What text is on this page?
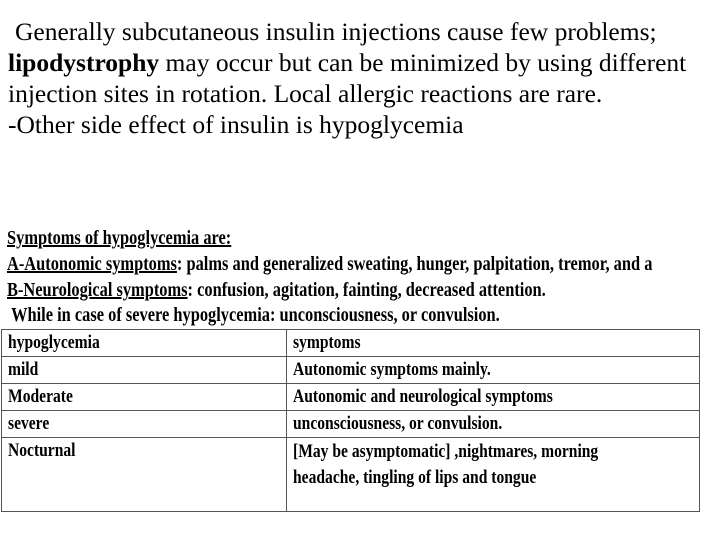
Generally subcutaneous insulin injections cause few problems;

lipodystrophy may occur but can be minimized by using different injection sites in rotation. Local allergic reactions are rare.

-Other side effect of insulin is hypoglycemia

Symptoms of hypoglycemia are:
A-Autonomic symptoms: palms and generalized sweating, hunger, palpitation, tremor, and a
B-Neurological symptoms: confusion, agitation, fainting, decreased attention.
While in case of severe hypoglycemia: unconsciousness, or convulsion.
hypoglycemia	symptoms
mild	Autonomic symptoms mainly.
Moderate	Autonomic and neurological symptoms
severe	unconsciousness, or convulsion.
Nocturnal	[May be asymptomatic] ,nightmares, morning headache, tingling of lips and tongue
